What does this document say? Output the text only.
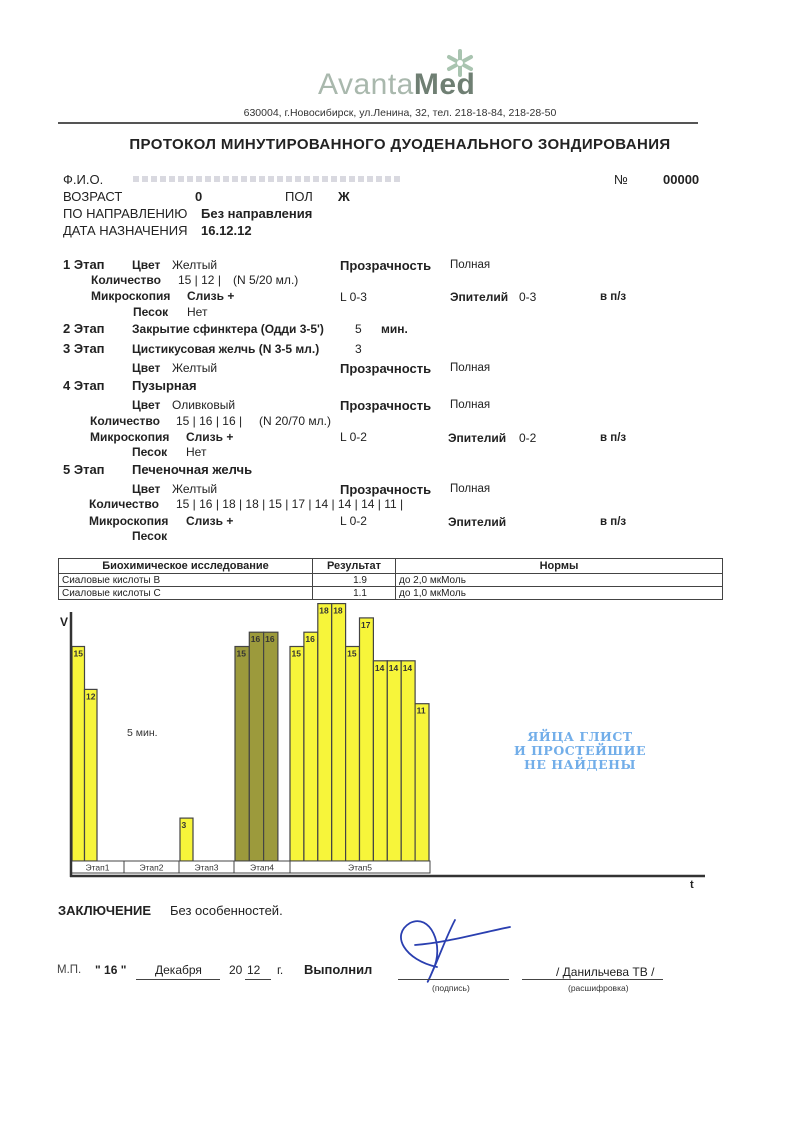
AvantaMed
630004, г.Новосибирск, ул.Ленина, 32, тел. 218-18-84, 218-28-50
ПРОТОКОЛ МИНУТИРОВАННОГО ДУОДЕНАЛЬНОГО ЗОНДИРОВАНИЯ
Ф.И.О.	№	00000
ВОЗРАСТ	0	ПОЛ Ж
ПО НАПРАВЛЕНИЮ Без направления
ДАТА НАЗНАЧЕНИЯ 16.12.12
1 Этап Цвет Желтый	Прозрачность Полная
Количество 15 | 12 | (N 5/20 мл.)
Микроскопия Слизь +	L 0-3	Эпителий 0-3	в п/з
Песок Нет
2 Этап Закрытие сфинктера (Одди 3-5')	5 мин.
3 Этап Цистикусовая желчь (N 3-5 мл.)	3
Цвет Желтый	Прозрачность Полная
4 Этап Пузырная
Цвет Оливковый	Прозрачность Полная
Количество 15 | 16 | 16 | (N 20/70 мл.)
Микроскопия Слизь +	L 0-2	Эпителий 0-2	в п/з
Песок Нет
5 Этап Печеночная желчь
Цвет Желтый	Прозрачность Полная
Количество 15 | 16 | 18 | 18 | 15 | 17 | 14 | 14 | 14 | 11 |
Микроскопия Слизь +	L 0-2	Эпителий	в п/з
Песок
Биохимическое исследование	Результат	Нормы
Сиаловые кислоты В	1.9	до 2,0 мкМоль
Сиаловые кислоты С	1.1	до 1,0 мкМоль
15
12
3
15
16 16
15
16
18 18
15
17
14 14 14
11
Этап1	Этап2	Этап3	Этап4	Этап5
V
t
5 мин.	ЯЙЦА ГЛИСТ
И ПРОСТЕЙШИЕ
НЕ НАЙДЕНЫ
ЗАКЛЮЧЕНИЕ Без особенностей.
М.П. " 16 " Декабря 20 12 г. Выполнил
(подпись)
/ Данильчева ТВ /
(расшифровка)
